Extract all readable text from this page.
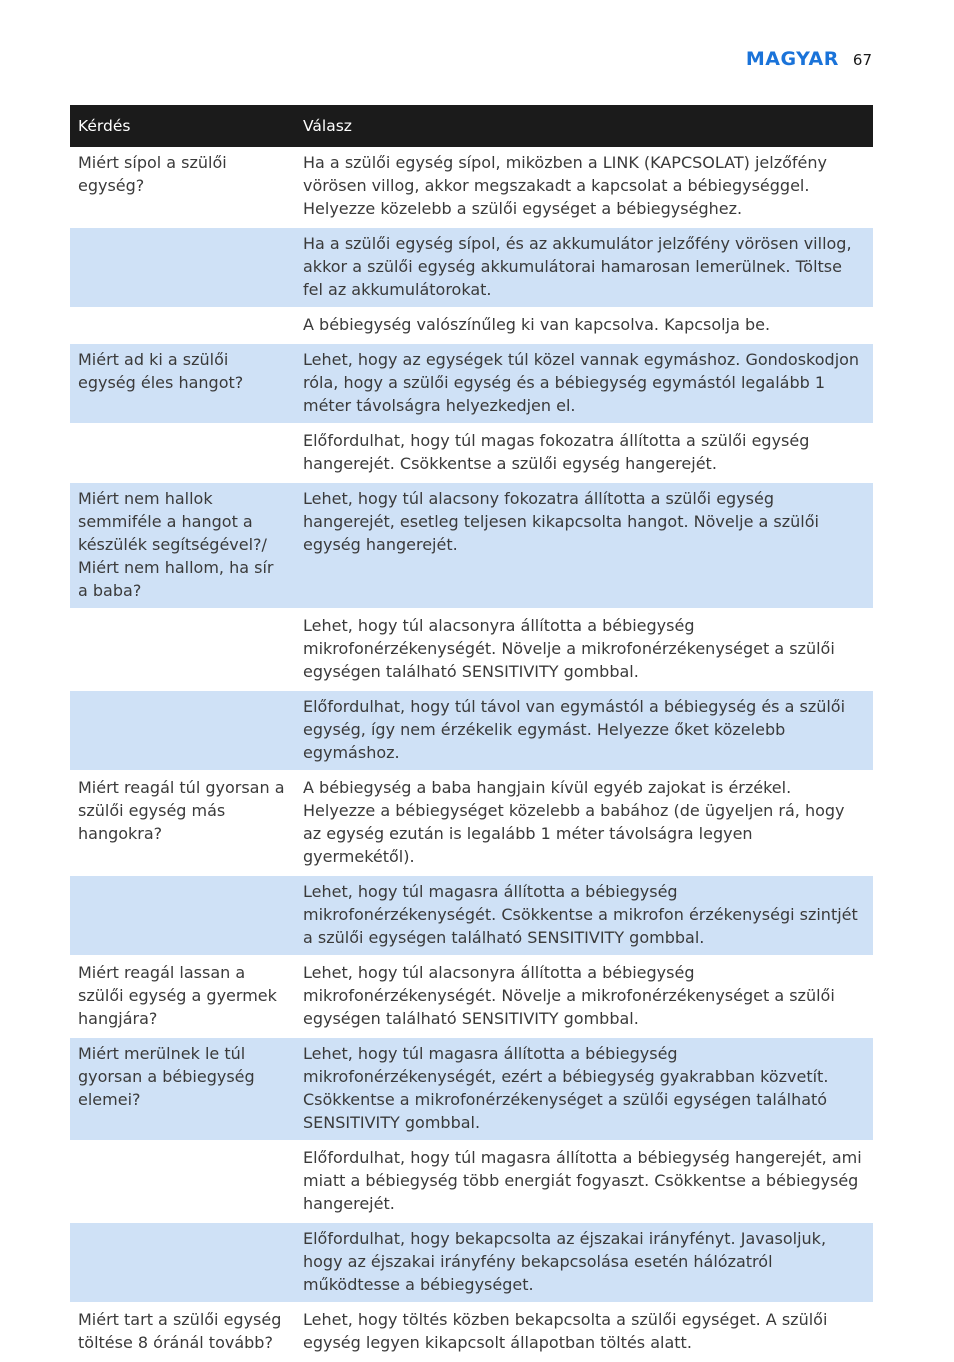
MAGYAR 67
Kérdés	Válasz
Miért sípol a szülői egység?	Ha a szülői egység sípol, miközben a LINK (KAPCSOLAT) jelzőfény vörösen villog, akkor megszakadt a kapcsolat a bébiegységgel. Helyezze közelebb a szülői egységet a bébiegységhez.
	Ha a szülői egység sípol, és az akkumulátor jelzőfény vörösen villog, akkor a szülői egység akkumulátorai hamarosan lemerülnek. Töltse fel az akkumulátorokat.
	A bébiegység valószínűleg ki van kapcsolva. Kapcsolja be.
Miért ad ki a szülői egység éles hangot?	Lehet, hogy az egységek túl közel vannak egymáshoz. Gondoskodjon róla, hogy a szülői egység és a bébiegység egymástól legalább 1 méter távolságra helyezkedjen el.
	Előfordulhat, hogy túl magas fokozatra állította a szülői egység hangerejét. Csökkentse a szülői egység hangerejét.
Miért nem hallok semmiféle a hangot a készülék segítségével?/ Miért nem hallom, ha sír a baba?	Lehet, hogy túl alacsony fokozatra állította a szülői egység hangerejét, esetleg teljesen kikapcsolta hangot. Növelje a szülői egység hangerejét.
	Lehet, hogy túl alacsonyra állította a bébiegység mikrofonérzékenységét. Növelje a mikrofonérzékenységet a szülői egységen található SENSITIVITY gombbal.
	Előfordulhat, hogy túl távol van egymástól a bébiegység és a szülői egység, így nem érzékelik egymást. Helyezze őket közelebb egymáshoz.
Miért reagál túl gyorsan a szülői egység más hangokra?	A bébiegység a baba hangjain kívül egyéb zajokat is érzékel. Helyezze a bébiegységet közelebb a babához (de ügyeljen rá, hogy az egység ezután is legalább 1 méter távolságra legyen gyermekétől).
	Lehet, hogy túl magasra állította a bébiegység mikrofonérzékenységét. Csökkentse a mikrofon érzékenységi szintjét a szülői egységen található SENSITIVITY gombbal.
Miért reagál lassan a szülői egység a gyermek hangjára?	Lehet, hogy túl alacsonyra állította a bébiegység mikrofonérzékenységét. Növelje a mikrofonérzékenységet a szülői egységen található SENSITIVITY gombbal.
Miért merülnek le túl gyorsan a bébiegység elemei?	Lehet, hogy túl magasra állította a bébiegység mikrofonérzékenységét, ezért a bébiegység gyakrabban közvetít. Csökkentse a mikrofonérzékenységet a szülői egységen található SENSITIVITY gombbal.
	Előfordulhat, hogy túl magasra állította a bébiegység hangerejét, ami miatt a bébiegység több energiát fogyaszt. Csökkentse a bébiegység hangerejét.
	Előfordulhat, hogy bekapcsolta az éjszakai irányfényt. Javasoljuk, hogy az éjszakai irányfény bekapcsolása esetén hálózatról működtesse a bébiegységet.
Miért tart a szülői egység töltése 8 óránál tovább?	Lehet, hogy töltés közben bekapcsolta a szülői egységet. A szülői egység legyen kikapcsolt állapotban töltés alatt.
